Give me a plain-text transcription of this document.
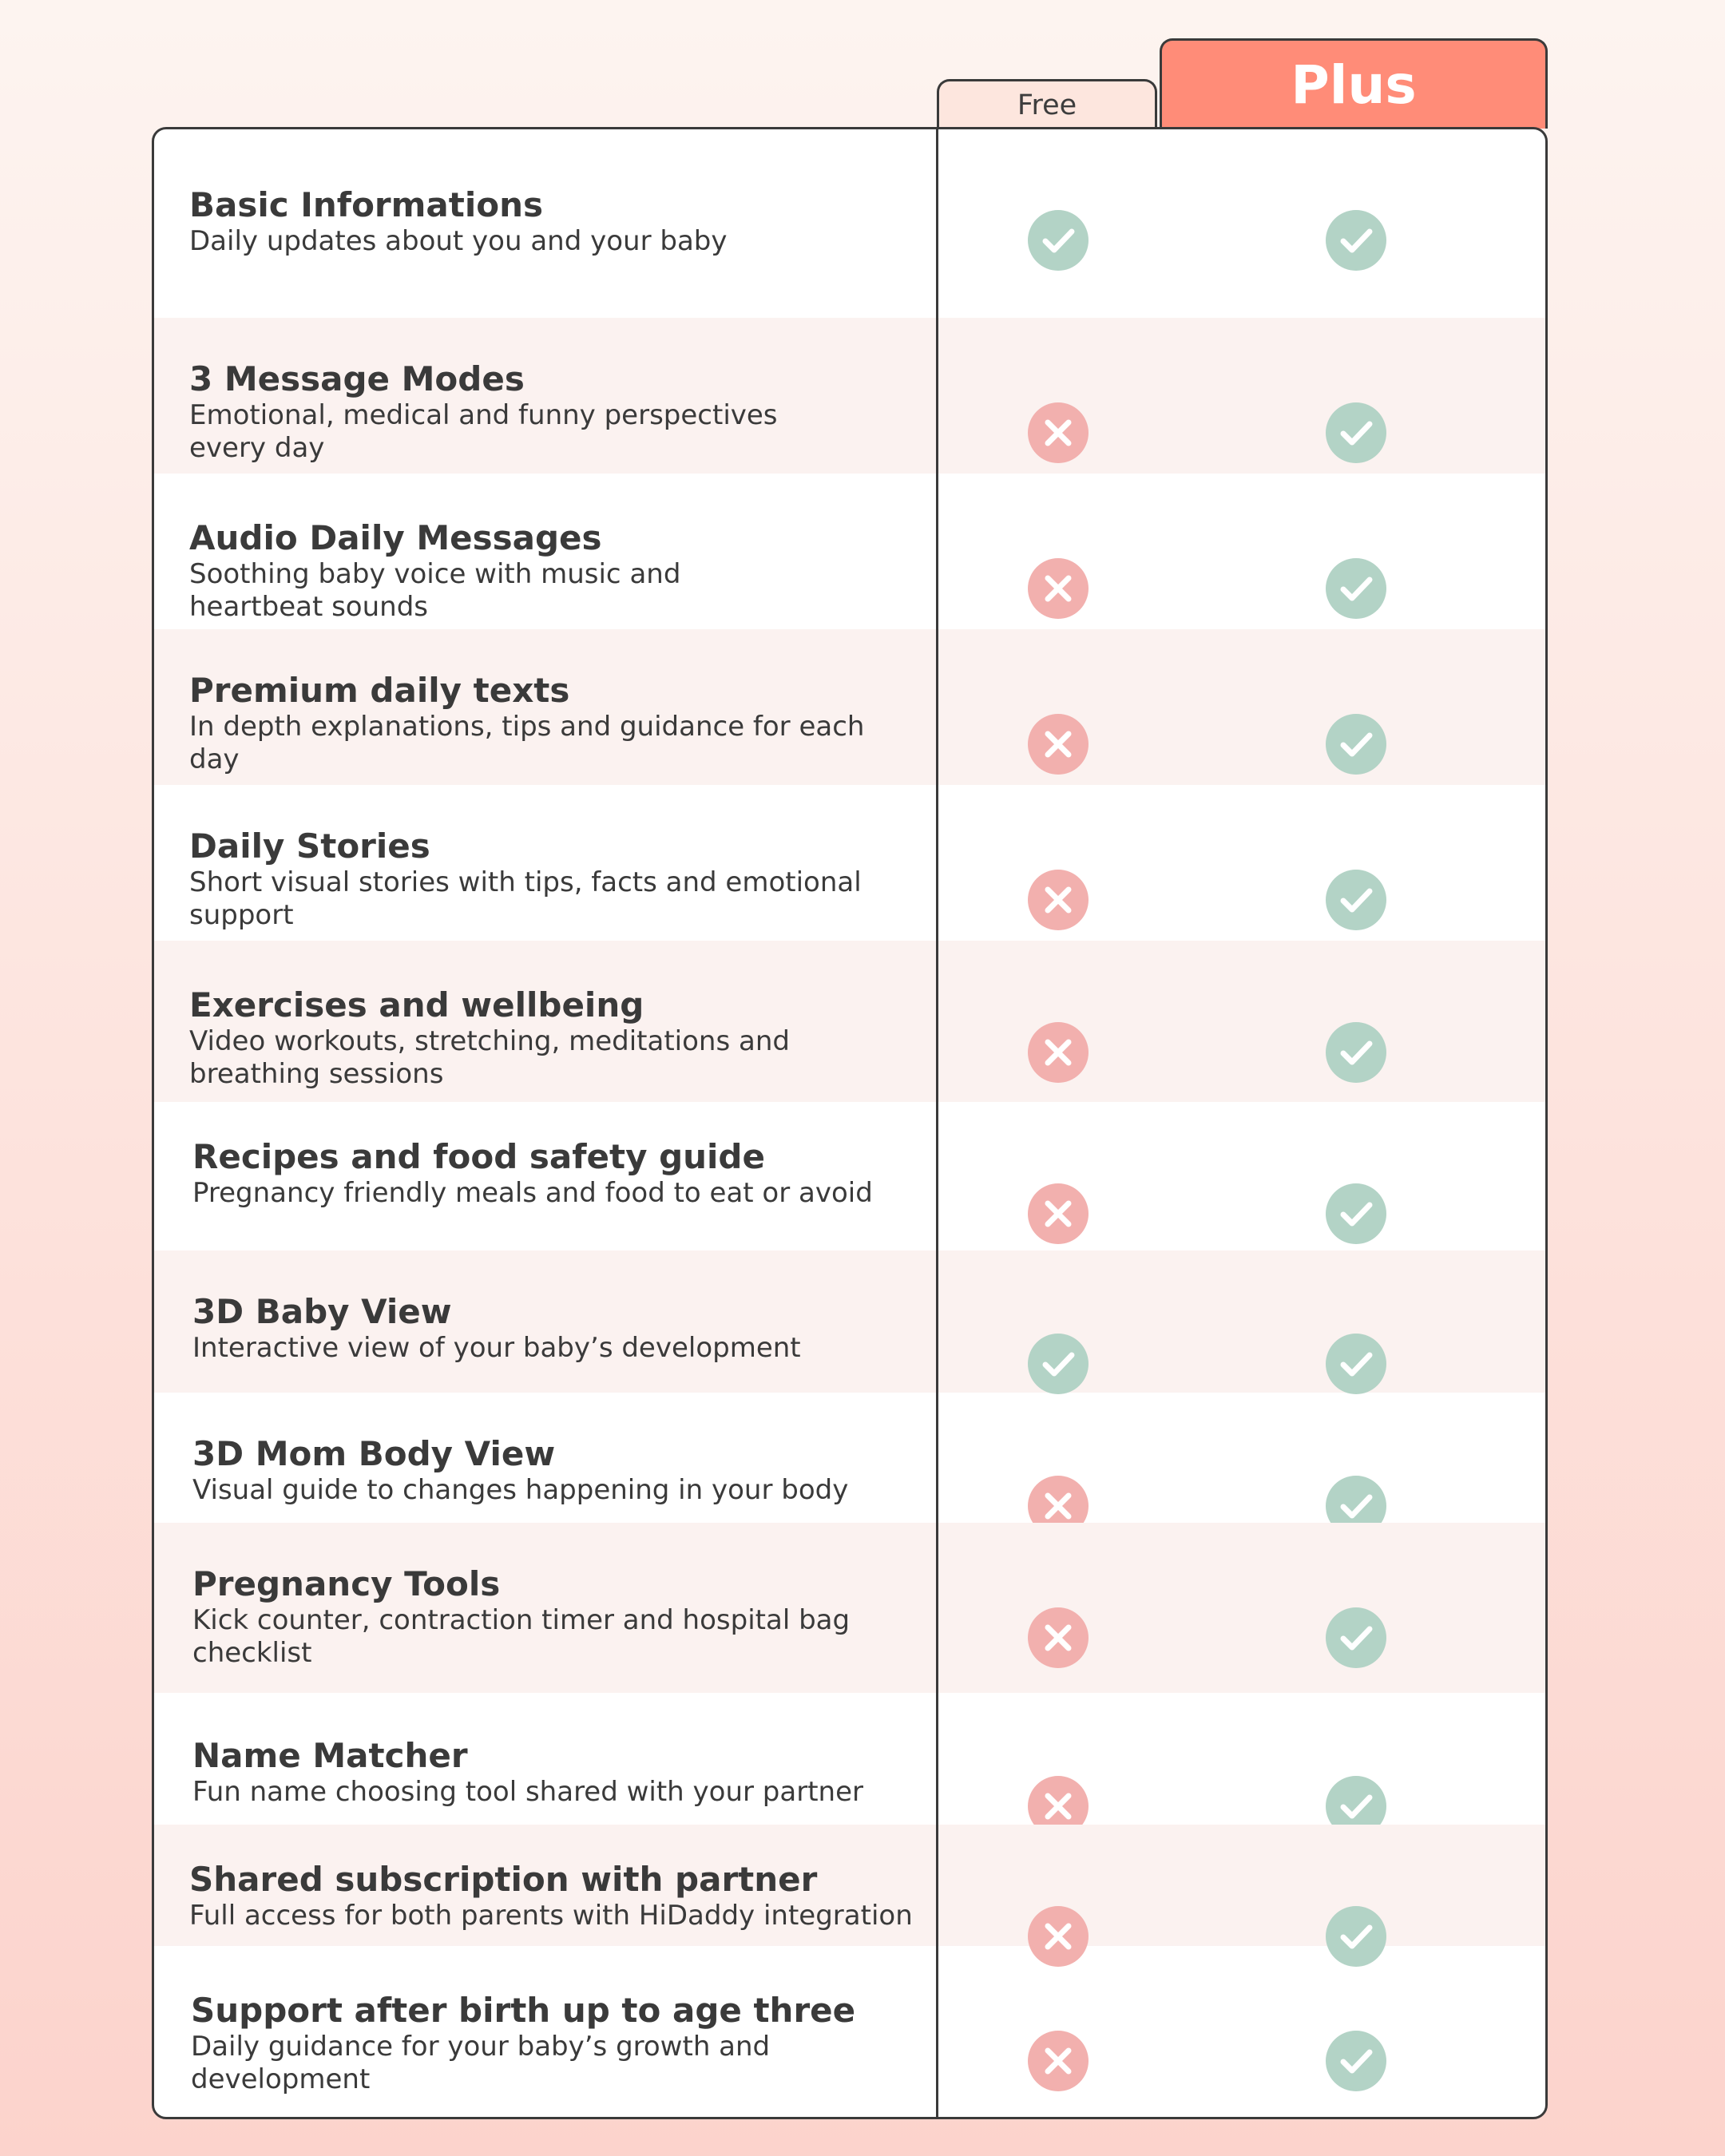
Free	Plus
Basic Informations
Daily updates about you and your baby
3 Message Modes
Emotional, medical and funny perspectives
every day
Audio Daily Messages
Soothing baby voice with music and
heartbeat sounds
Premium daily texts
In depth explanations, tips and guidance for each
day
Daily Stories
Short visual stories with tips, facts and emotional
support
Exercises and wellbeing
Video workouts, stretching, meditations and
breathing sessions
Recipes and food safety guide
Pregnancy friendly meals and food to eat or avoid
3D Baby View
Interactive view of your baby’s development
3D Mom Body View
Visual guide to changes happening in your body
Pregnancy Tools
Kick counter, contraction timer and hospital bag
checklist
Name Matcher
Fun name choosing tool shared with your partner
Shared subscription with partner
Full access for both parents with HiDaddy integration
Support after birth up to age three
Daily guidance for your baby’s growth and
development
